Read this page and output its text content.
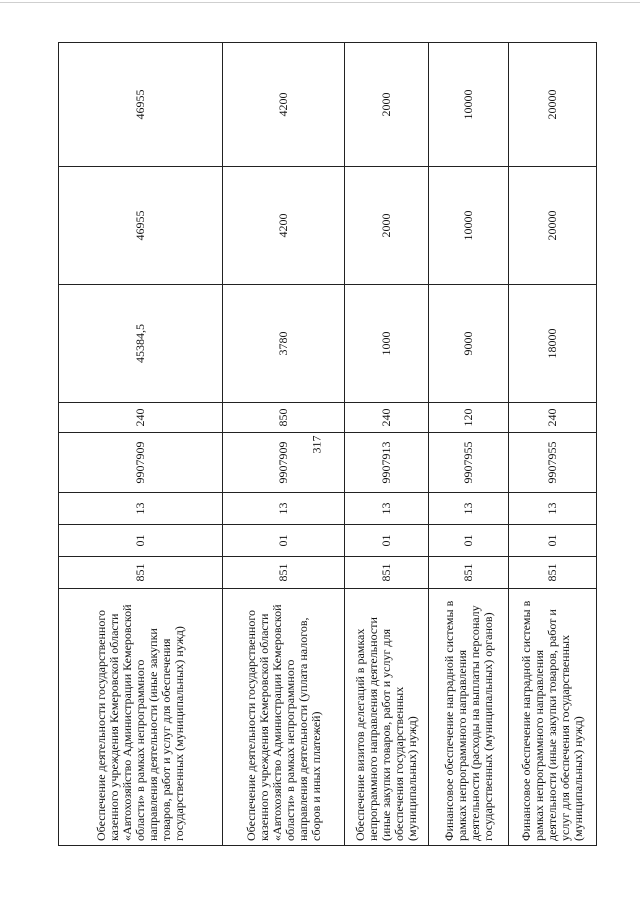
317
Обеспечение деятельности государственного казенного учреждения Кемеровской области «Автохозяйство Администрации Кемеровской области» в рамках непрограммного направления деятельности (иные закупки товаров, работ и услуг для обеспечения государственных (муниципальных) нужд)	851	01	13	9907909	240	45384,5	46955	46955
Обеспечение деятельности государственного казенного учреждения Кемеровской области «Автохозяйство Администрации Кемеровской области» в рамках непрограммного направления деятельности (уплата налогов, сборов и иных платежей)	851	01	13	9907909	850	3780	4200	4200
Обеспечение визитов делегаций в рамках непрограммного направления деятельности (иные закупки товаров, работ и услуг для обеспечения государственных (муниципальных) нужд)	851	01	13	9907913	240	1000	2000	2000
Финансовое обеспечение наградной системы в рамках непрограммного направления деятельности (расходы на выплаты персоналу государственных (муниципальных) органов)	851	01	13	9907955	120	9000	10000	10000
Финансовое обеспечение наградной системы в рамках непрограммного направления деятельности (иные закупки товаров, работ и услуг для обеспечения государственных (муниципальных) нужд)	851	01	13	9907955	240	18000	20000	20000
